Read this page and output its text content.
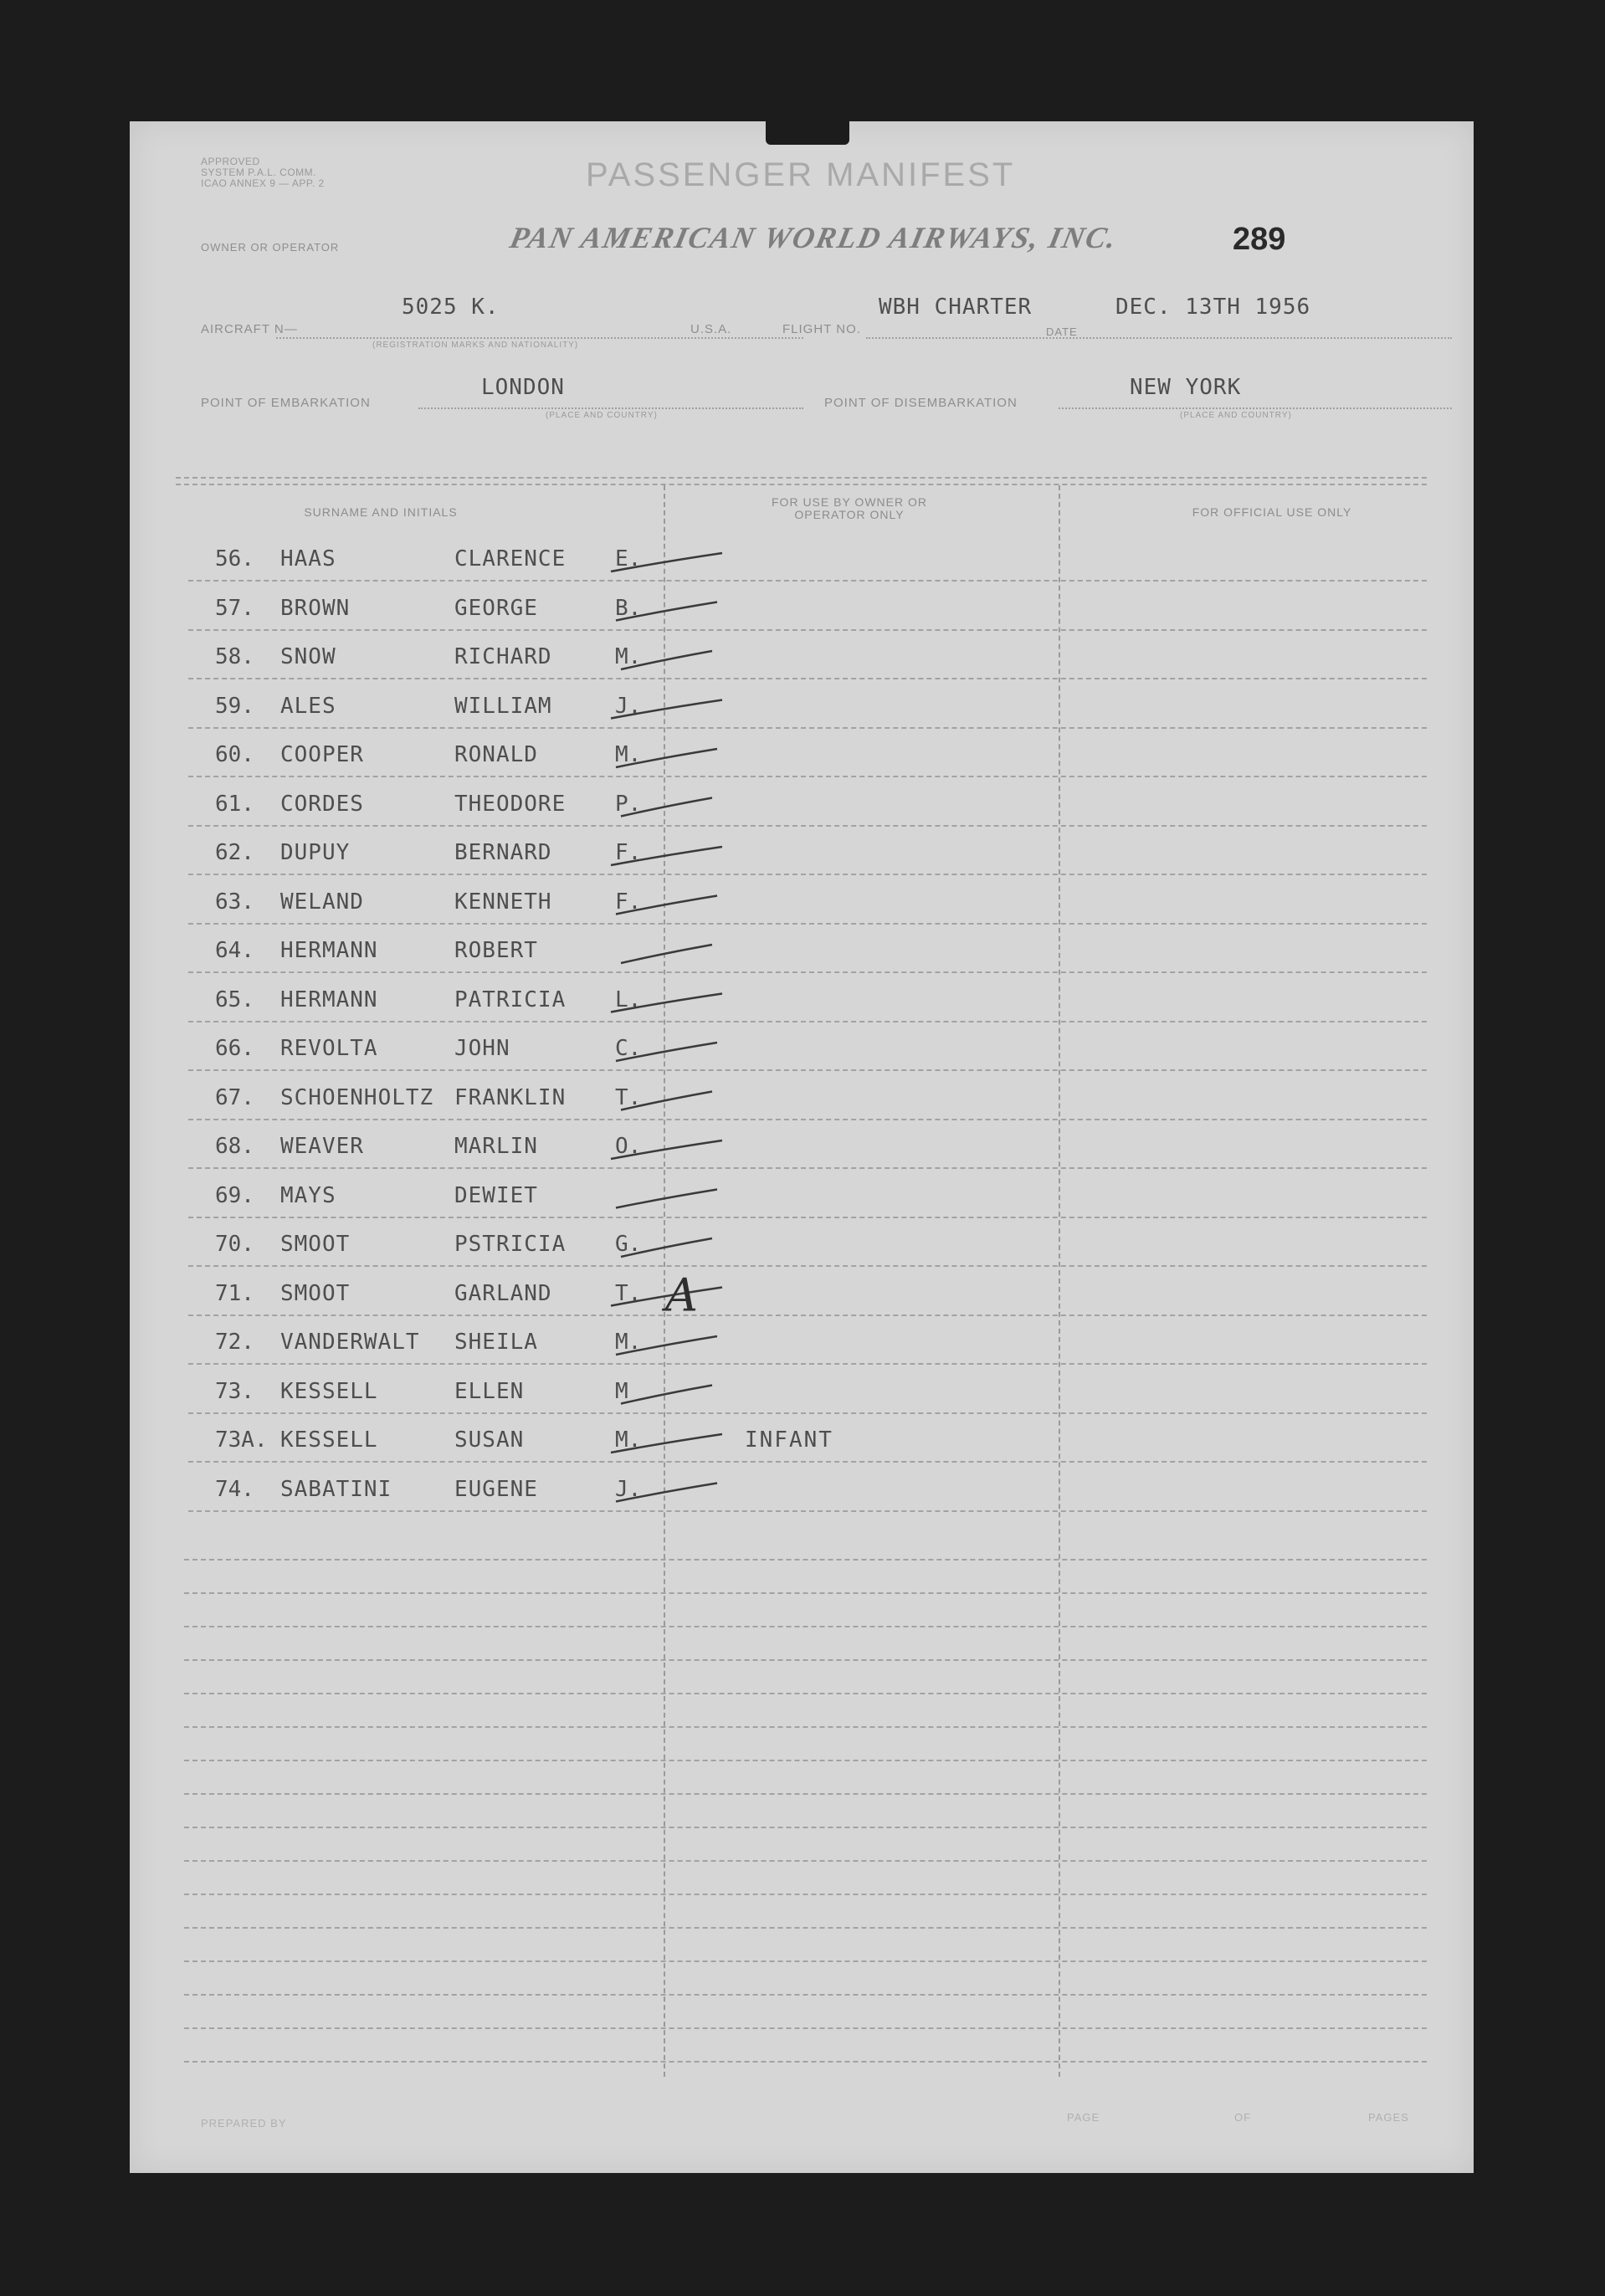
APPROVED
SYSTEM P.A.L. COMM.
ICAO ANNEX 9 — APP. 2	PASSENGER MANIFEST
OWNER OR OPERATOR	PAN AMERICAN WORLD AIRWAYS, INC.	289
AIRCRAFT N—
5025 K.
(REGISTRATION MARKS AND NATIONALITY)
U.S.A.	FLIGHT NO.
WBH CHARTER
DATE
DEC. 13TH 1956
POINT OF EMBARKATION
LONDON
(PLACE AND COUNTRY)
POINT OF DISEMBARKATION
NEW YORK
(PLACE AND COUNTRY)
SURNAME AND INITIALS
FOR USE BY OWNER OR OPERATOR ONLY	FOR OFFICIAL USE ONLY
56. HAAS	CLARENCE E.
57. BROWN	GEORGE	B.
58. SNOW	RICHARD	M.
59. ALES	WILLIAM	J.
60. COOPER	RONALD	M.
61. CORDES	THEODORE P.
62. DUPUY	BERNARD	F.
63. WELAND	KENNETH	F.
64. HERMANN	ROBERT
65. HERMANN	PATRICIA L.
66. REVOLTA	JOHN	C.
67. SCHOENHOLTZ FRANKLIN T.
68. WEAVER	MARLIN	O.
69. MAYS	DEWIET
70. SMOOT	PSTRICIA G.
71. SMOOT	GARLAND	T.
72. VANDERWALT SHEILA	M.
73. KESSELL	ELLEN	M
73A. KESSELL	SUSAN	M.	INFANT
74. SABATINI	EUGENE	J.
A
PREPARED BY	PAGE	OF	PAGES
